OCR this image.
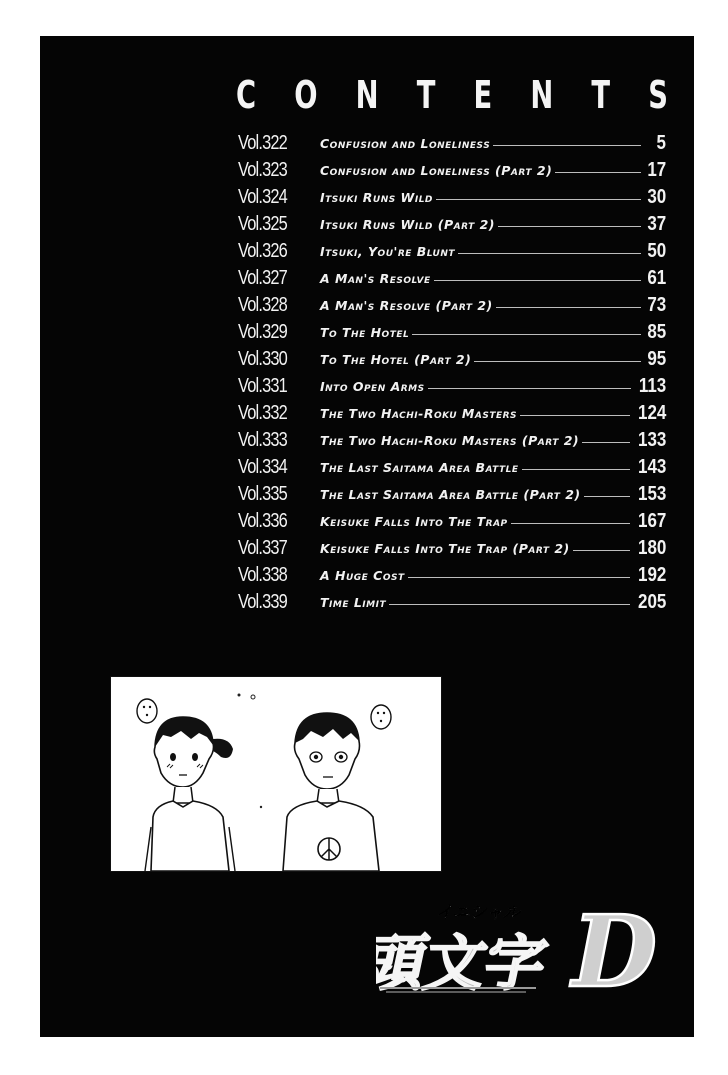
C O N T E N T S
Vol.322	Confusion and Loneliness	5
Vol.323	Confusion and Loneliness (Part 2)	17
Vol.324	Itsuki Runs Wild	30
Vol.325	Itsuki Runs Wild (Part 2)	37
Vol.326	Itsuki, You're Blunt	50
Vol.327	A Man's Resolve	61
Vol.328	A Man's Resolve (Part 2)	73
Vol.329	To The Hotel	85
Vol.330	To The Hotel (Part 2)	95
Vol.331	Into Open Arms	113
Vol.332	The Two Hachi-Roku Masters	124
Vol.333	The Two Hachi-Roku Masters (Part 2)	133
Vol.334	The Last Saitama Area Battle	143
Vol.335	The Last Saitama Area Battle (Part 2)	153
Vol.336	Keisuke Falls Into The Trap	167
Vol.337	Keisuke Falls Into The Trap (Part 2)	180
Vol.338	A Huge Cost	192
Vol.339	Time Limit	205
イニシャル
頭文字 D
